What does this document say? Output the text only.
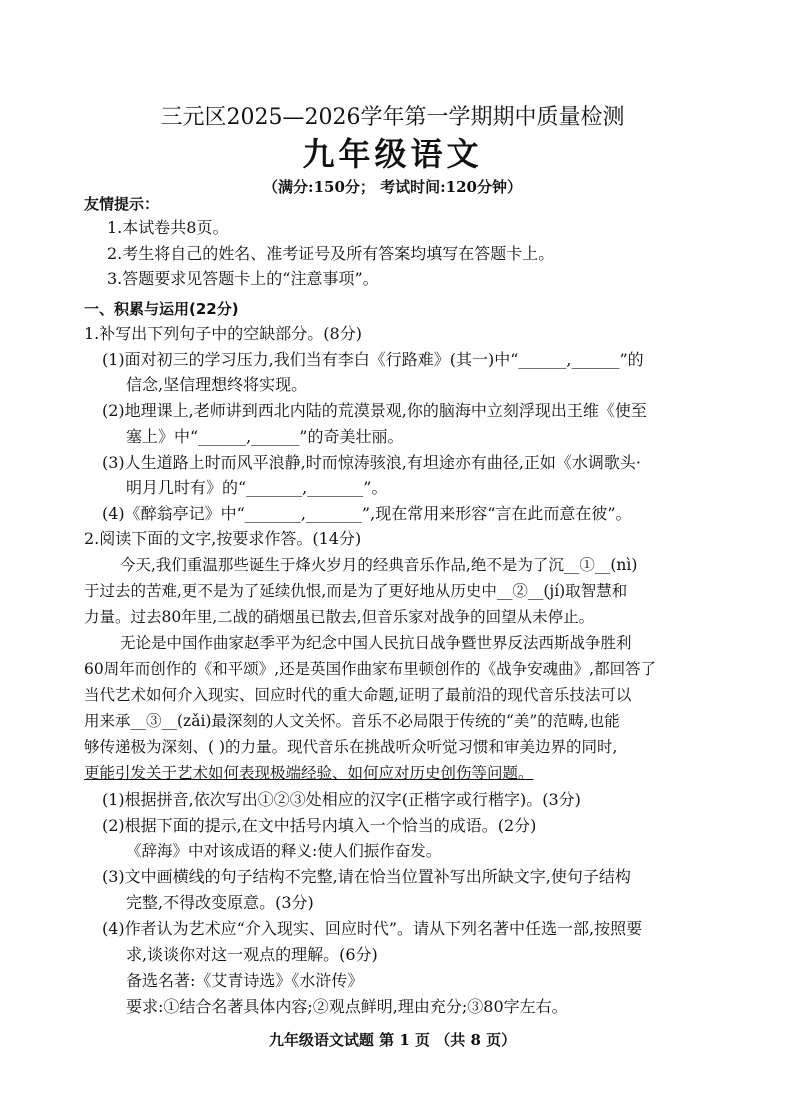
三元区2025—2026学年第一学期期中质量检测
九年级语文
（满分:150分； 考试时间:120分钟）
友情提示：
1.本试卷共8页。
2.考生将自己的姓名、准考证号及所有答案均填写在答题卡上。
3.答题要求见答题卡上的“注意事项”。
一、积累与运用(22分)
1.补写出下列句子中的空缺部分。(8分)
(1)面对初三的学习压力,我们当有李白《行路难》(其一)中“______,______”的
信念,坚信理想终将实现。
(2)地理课上,老师讲到西北内陆的荒漠景观,你的脑海中立刻浮现出王维《使至
塞上》中“______,______”的奇美壮丽。
(3)人生道路上时而风平浪静,时而惊涛骇浪,有坦途亦有曲径,正如《水调歌头·
明月几时有》的“_______,_______”。
(4)《醉翁亭记》中“_______,_______”,现在常用来形容“言在此而意在彼”。
2.阅读下面的文字,按要求作答。(14分)
今天,我们重温那些诞生于烽火岁月的经典音乐作品,绝不是为了沉__①__(nì)
于过去的苦难,更不是为了延续仇恨,而是为了更好地从历史中__②__(jí)取智慧和
力量。过去80年里,二战的硝烟虽已散去,但音乐家对战争的回望从未停止。
无论是中国作曲家赵季平为纪念中国人民抗日战争暨世界反法西斯战争胜利
60周年而创作的《和平颂》,还是英国作曲家布里顿创作的《战争安魂曲》,都回答了
当代艺术如何介入现实、回应时代的重大命题,证明了最前沿的现代音乐技法可以
用来承__③__(zǎi)最深刻的人文关怀。音乐不必局限于传统的“美”的范畴,也能
够传递极为深刻、( )的力量。现代音乐在挑战听众听觉习惯和审美边界的同时,
更能引发关于艺术如何表现极端经验、如何应对历史创伤等问题。
(1)根据拼音,依次写出①②③处相应的汉字(正楷字或行楷字)。(3分)
(2)根据下面的提示,在文中括号内填入一个恰当的成语。(2分)
《辞海》中对该成语的释义:使人们振作奋发。
(3)文中画横线的句子结构不完整,请在恰当位置补写出所缺文字,使句子结构
完整,不得改变原意。(3分)
(4)作者认为艺术应“介入现实、回应时代”。请从下列名著中任选一部,按照要
求,谈谈你对这一观点的理解。(6分)
备选名著:《艾青诗选》《水浒传》
要求:①结合名著具体内容;②观点鲜明,理由充分;③80字左右。
九年级语文试题 第 1 页 （共 8 页）
